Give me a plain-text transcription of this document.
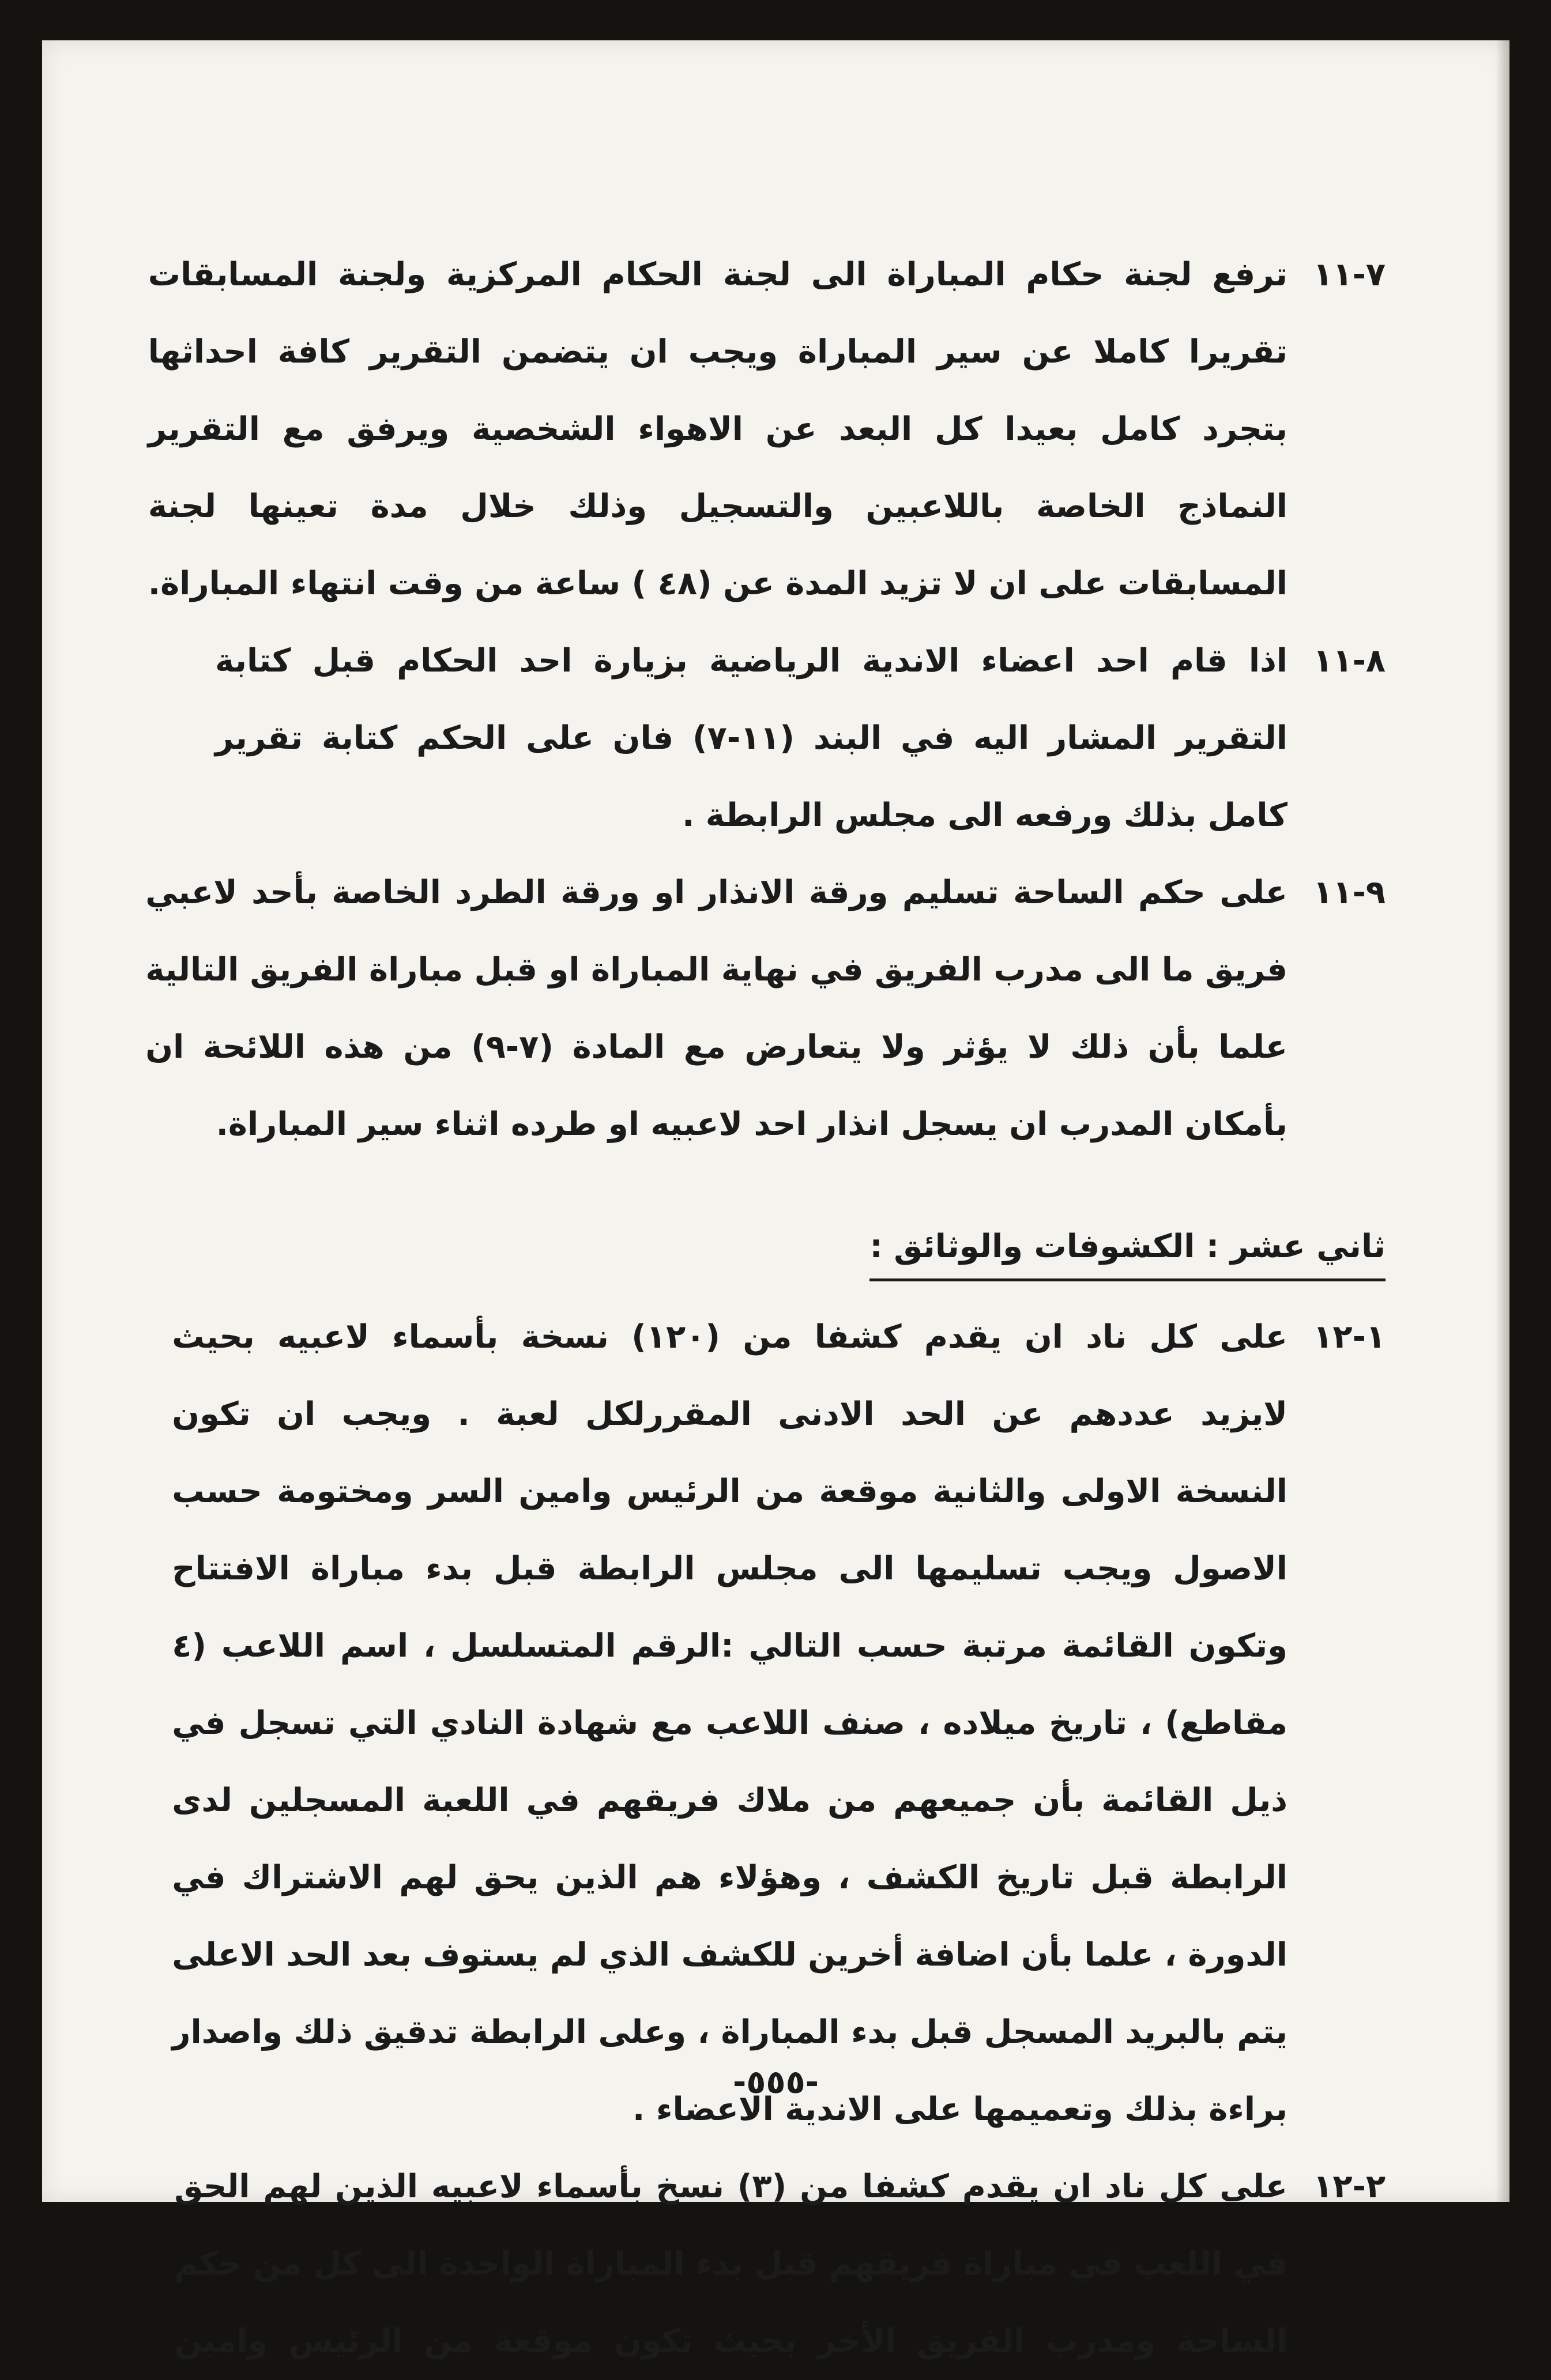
٧-١١
ترفع لجنة حكام المباراة الى لجنة الحكام المركزية ولجنة المسابقات
تقريرا كاملا عن سير المباراة ويجب ان يتضمن التقرير كافة احداثها
بتجرد كامل بعيدا كل البعد عن الاهواء الشخصية ويرفق مع التقرير
النماذج الخاصة باللاعبين والتسجيل وذلك خلال مدة تعينها لجنة
المسابقات على ان لا تزيد المدة عن (٤٨ ) ساعة من وقت انتهاء المباراة.
٨-١١
اذا قام احد اعضاء الاندية الرياضية بزيارة احد الحكام قبل كتابة
التقرير المشار اليه في البند (١١-٧) فان على الحكم كتابة تقرير
كامل بذلك ورفعه الى مجلس الرابطة .
٩-١١
على حكم الساحة تسليم ورقة الانذار او ورقة الطرد الخاصة بأحد لاعبي
فريق ما الى مدرب الفريق في نهاية المباراة او قبل مباراة الفريق التالية
علما بأن ذلك لا يؤثر ولا يتعارض مع المادة (٧-٩) من هذه اللائحة ان
بأمكان المدرب ان يسجل انذار احد لاعبيه او طرده اثناء سير المباراة.
ثاني عشر : الكشوفات والوثائق :
١-١٢
على كل ناد ان يقدم كشفا من (١٢٠) نسخة بأسماء لاعبيه بحيث
لايزيد عددهم عن الحد الادنى المقررلكل لعبة . ويجب ان تكون
النسخة الاولى والثانية موقعة من الرئيس وامين السر ومختومة حسب
الاصول ويجب تسليمها الى مجلس الرابطة قبل بدء مباراة الافتتاح
وتكون القائمة مرتبة حسب التالي :الرقم المتسلسل ، اسم اللاعب (٤
مقاطع) ، تاريخ ميلاده ، صنف اللاعب مع شهادة النادي التي تسجل في
ذيل القائمة بأن جميعهم من ملاك فريقهم في اللعبة المسجلين لدى
الرابطة قبل تاريخ الكشف ، وهؤلاء هم الذين يحق لهم الاشتراك في
الدورة ، علما بأن اضافة أخرين للكشف الذي لم يستوف بعد الحد الاعلى
يتم بالبريد المسجل قبل بدء المباراة ، وعلى الرابطة تدقيق ذلك واصدار
براءة بذلك وتعميمها على الاندية الاعضاء .
٢-١٢
على كل ناد ان يقدم كشفا من (٣) نسخ بأسماء لاعبيه الذين لهم الحق
في اللعب في مباراة فريقهم قبل بدء المباراة الواحدة الى كل من حكم
الساحة ومدرب الفريق الأخر بحيث تكون موقعة من الرئيس وامين
-٥٥٥-
